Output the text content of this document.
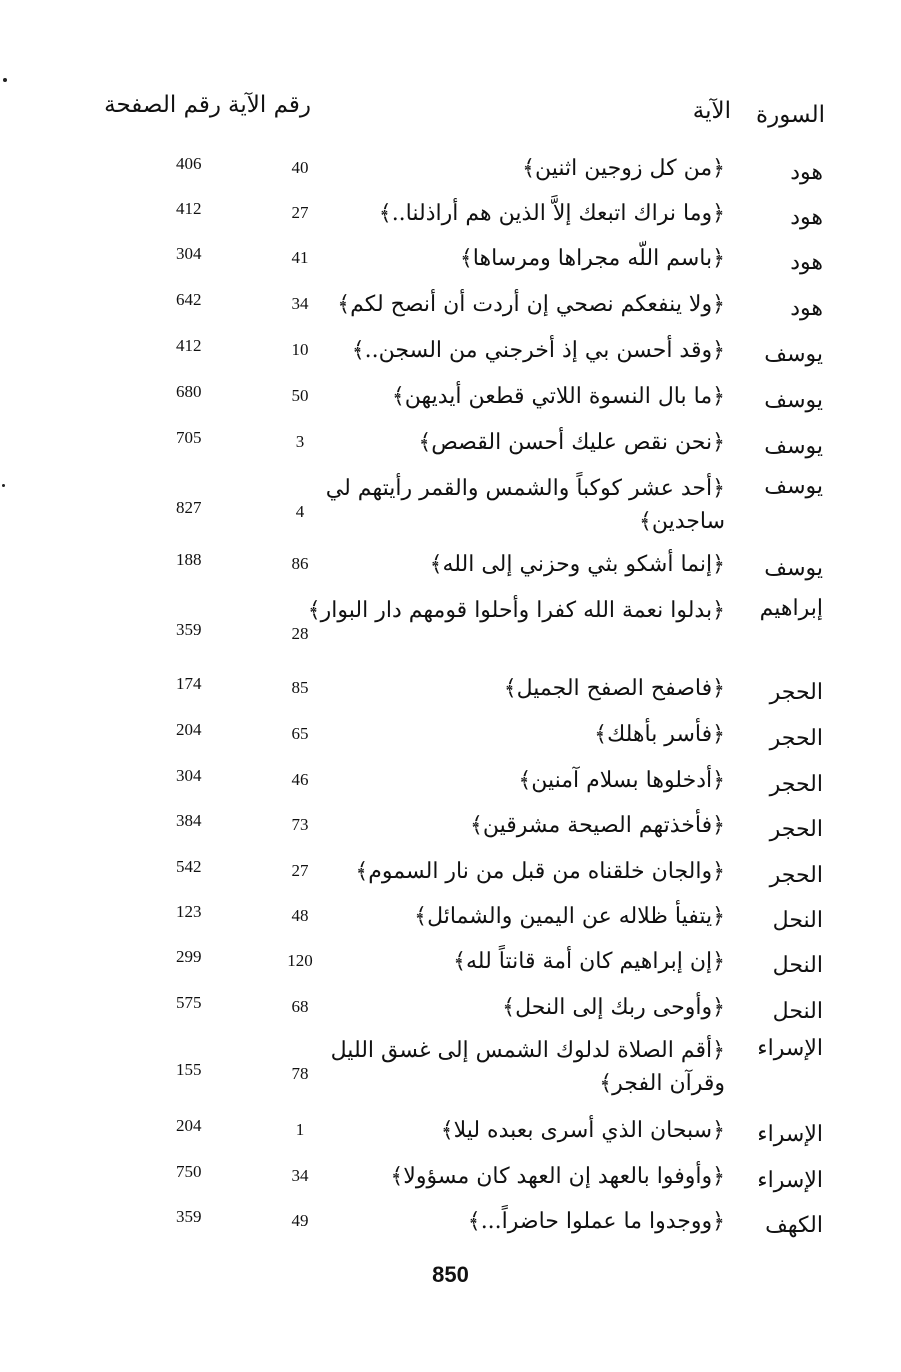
السورة
الآية
رقم الآية
رقم الصفحة
هود
﴿من كل زوجين اثنين﴾
40
406
هود
﴿وما نراك اتبعك إلاَّ الذين هم أراذلنا..﴾
27
412
هود
﴿باسم اللّه مجراها ومرساها﴾
41
304
هود
﴿ولا ينفعكم نصحي إن أردت أن أنصح لكم﴾
34
642
يوسف
﴿وقد أحسن بي إذ أخرجني من السجن..﴾
10
412
يوسف
﴿ما بال النسوة اللاتي قطعن أيديهن﴾
50
680
يوسف
﴿نحن نقص عليك أحسن القصص﴾
3
705
يوسف
﴿أحد عشر كوكباً والشمس والقمر رأيتهم لي ساجدين﴾
4
827
يوسف
﴿إنما أشكو بثي وحزني إلى الله﴾
86
188
إبراهيم
﴿بدلوا نعمة الله كفرا وأحلوا قومهم دار البوار﴾
28
359
الحجر
﴿فاصفح الصفح الجميل﴾
85
174
الحجر
﴿فأسر بأهلك﴾
65
204
الحجر
﴿أدخلوها بسلام آمنين﴾
46
304
الحجر
﴿فأخذتهم الصيحة مشرقين﴾
73
384
الحجر
﴿والجان خلقناه من قبل من نار السموم﴾
27
542
النحل
﴿يتفيأ ظلاله عن اليمين والشمائل﴾
48
123
النحل
﴿إن إبراهيم كان أمة قانتاً لله﴾
120
299
النحل
﴿وأوحى ربك إلى النحل﴾
68
575
الإسراء
﴿أقم الصلاة لدلوك الشمس إلى غسق الليل وقرآن الفجر﴾
78
155
الإسراء
﴿سبحان الذي أسرى بعبده ليلا﴾
1
204
الإسراء
﴿وأوفوا بالعهد إن العهد كان مسؤولا﴾
34
750
الكهف
﴿ووجدوا ما عملوا حاضراً...﴾
49
359
850
